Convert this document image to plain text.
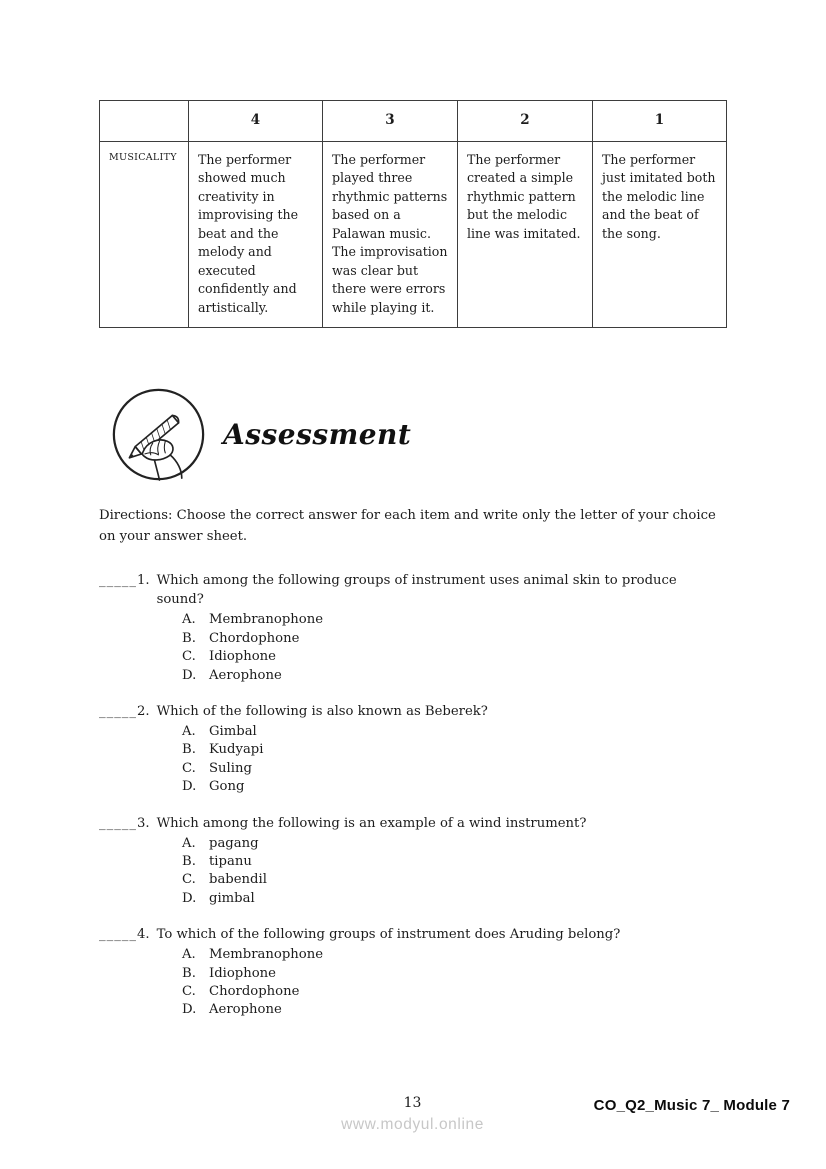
	4	3	2	1
MUSICALITY	The performer showed much creativity in improvising the beat and the melody and executed confidently and artistically.	The performer played three rhythmic patterns based on a Palawan music. The improvisation was clear but there were errors while playing it.	The performer created a simple rhythmic pattern but the melodic line was imitated.	The performer just imitated both the melodic line and the beat of the song.
Assessment
Directions: Choose the correct answer for each item and write only the letter of your choice on your answer sheet.
_____ 1. Which among the following groups of instrument uses animal skin to produce sound?
A.	Membranophone
B. Chordophone
C. Idiophone
D. Aerophone
_____ 2. Which of the following is also known as Beberek?
A.	Gimbal
B. Kudyapi
C. Suling
D. Gong
_____ 3. Which among the following is an example of a wind instrument?
A.	pagang
B. tipanu
C. babendil
D. gimbal
_____ 4. To which of the following groups of instrument does Aruding belong?
A.	Membranophone
B. Idiophone
C. Chordophone
D. Aerophone
13
www.modyul.online
CO_Q2_Music 7_ Module 7
